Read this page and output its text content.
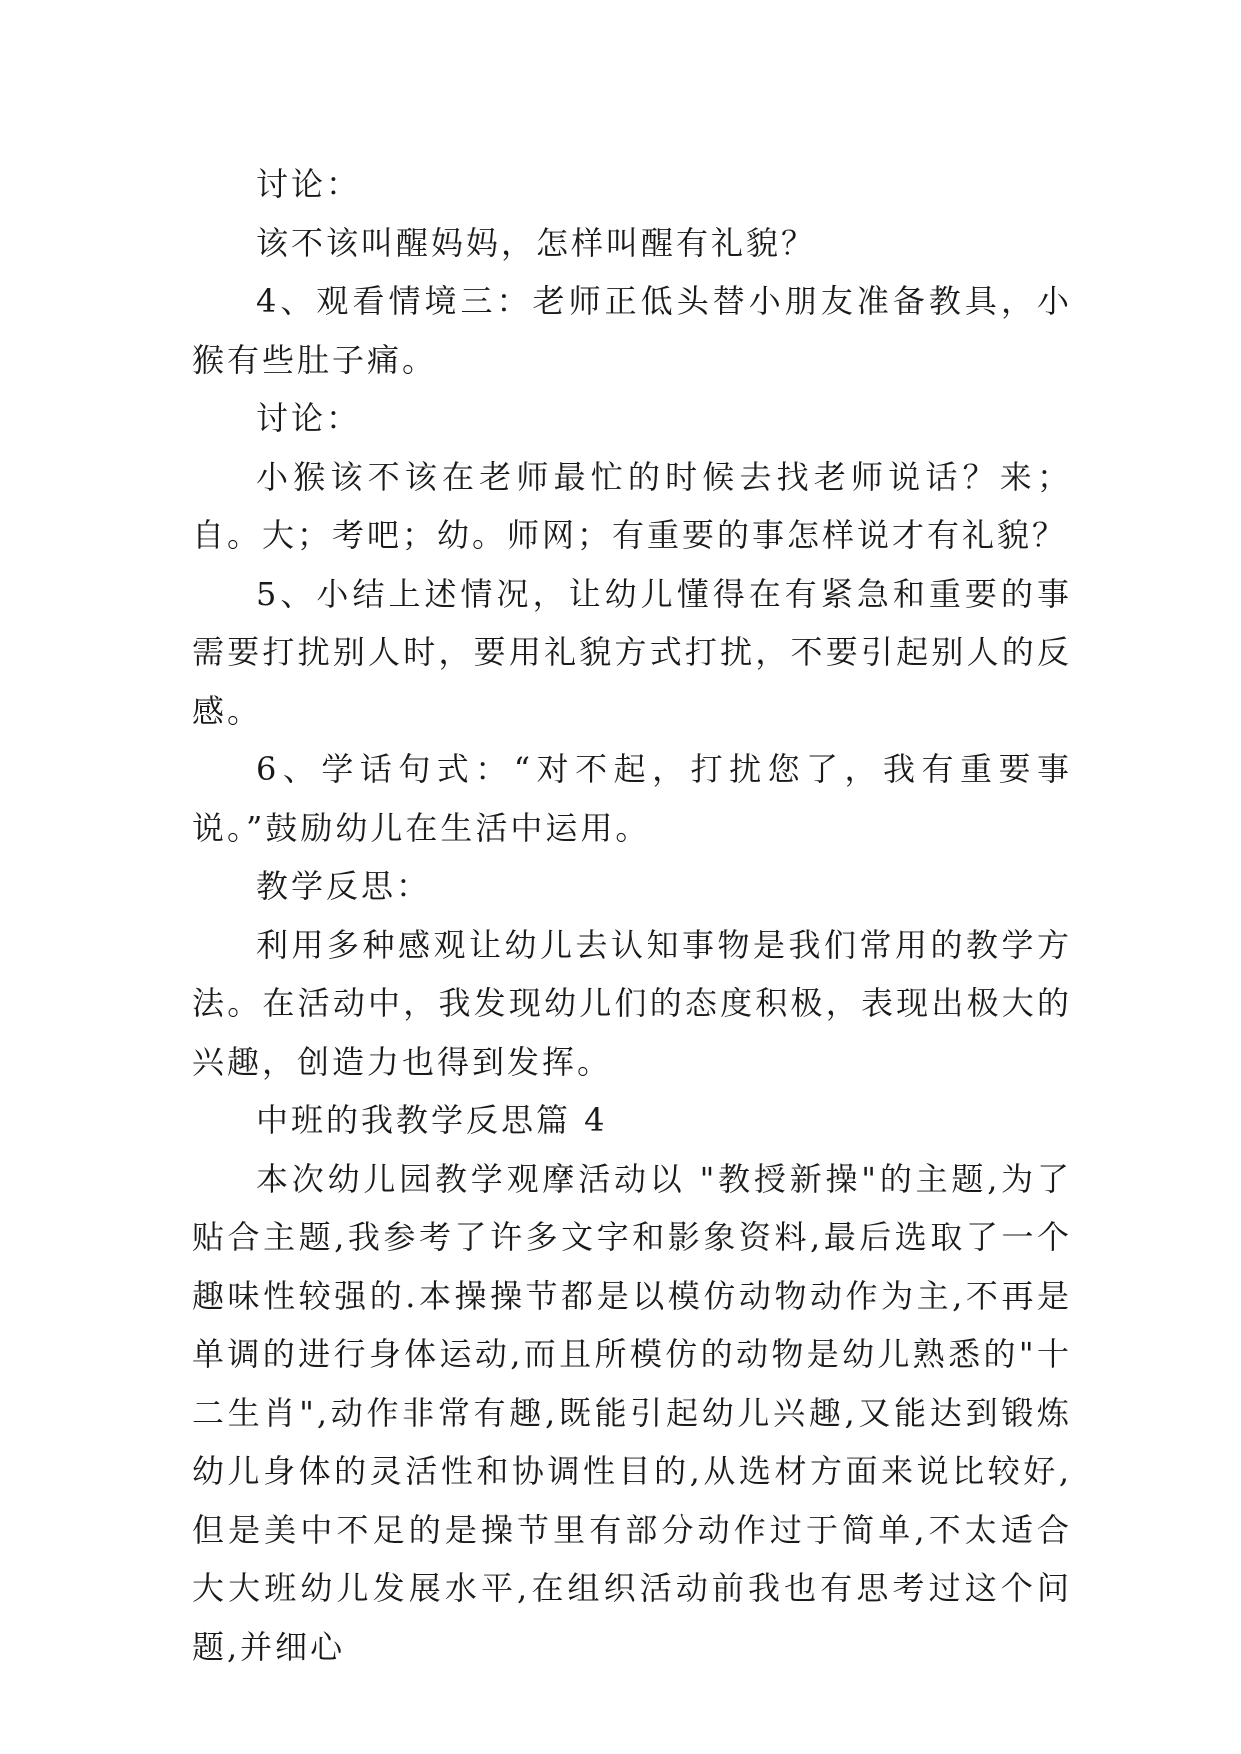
讨论：

该不该叫醒妈妈，怎样叫醒有礼貌？

4、观看情境三：老师正低头替小朋友准备教具，小猴有些肚子痛。

讨论：

小猴该不该在老师最忙的时候去找老师说话？来；自。大；考吧；幼。师网；有重要的事怎样说才有礼貌？

5、小结上述情况，让幼儿懂得在有紧急和重要的事需要打扰别人时，要用礼貌方式打扰，不要引起别人的反感。

6、学话句式：“对不起，打扰您了，我有重要事说。”鼓励幼儿在生活中运用。

教学反思：

利用多种感观让幼儿去认知事物是我们常用的教学方法。在活动中，我发现幼儿们的态度积极，表现出极大的兴趣，创造力也得到发挥。

中班的我教学反思篇 4

本次幼儿园教学观摩活动以 "教授新操"的主题,为了贴合主题,我参考了许多文字和影象资料,最后选取了一个趣味性较强的.本操操节都是以模仿动物动作为主,不再是单调的进行身体运动,而且所模仿的动物是幼儿熟悉的"十二生肖",动作非常有趣,既能引起幼儿兴趣,又能达到锻炼幼儿身体的灵活性和协调性目的,从选材方面来说比较好,但是美中不足的是操节里有部分动作过于简单,不太适合大大班幼儿发展水平,在组织活动前我也有思考过这个问题,并细心
